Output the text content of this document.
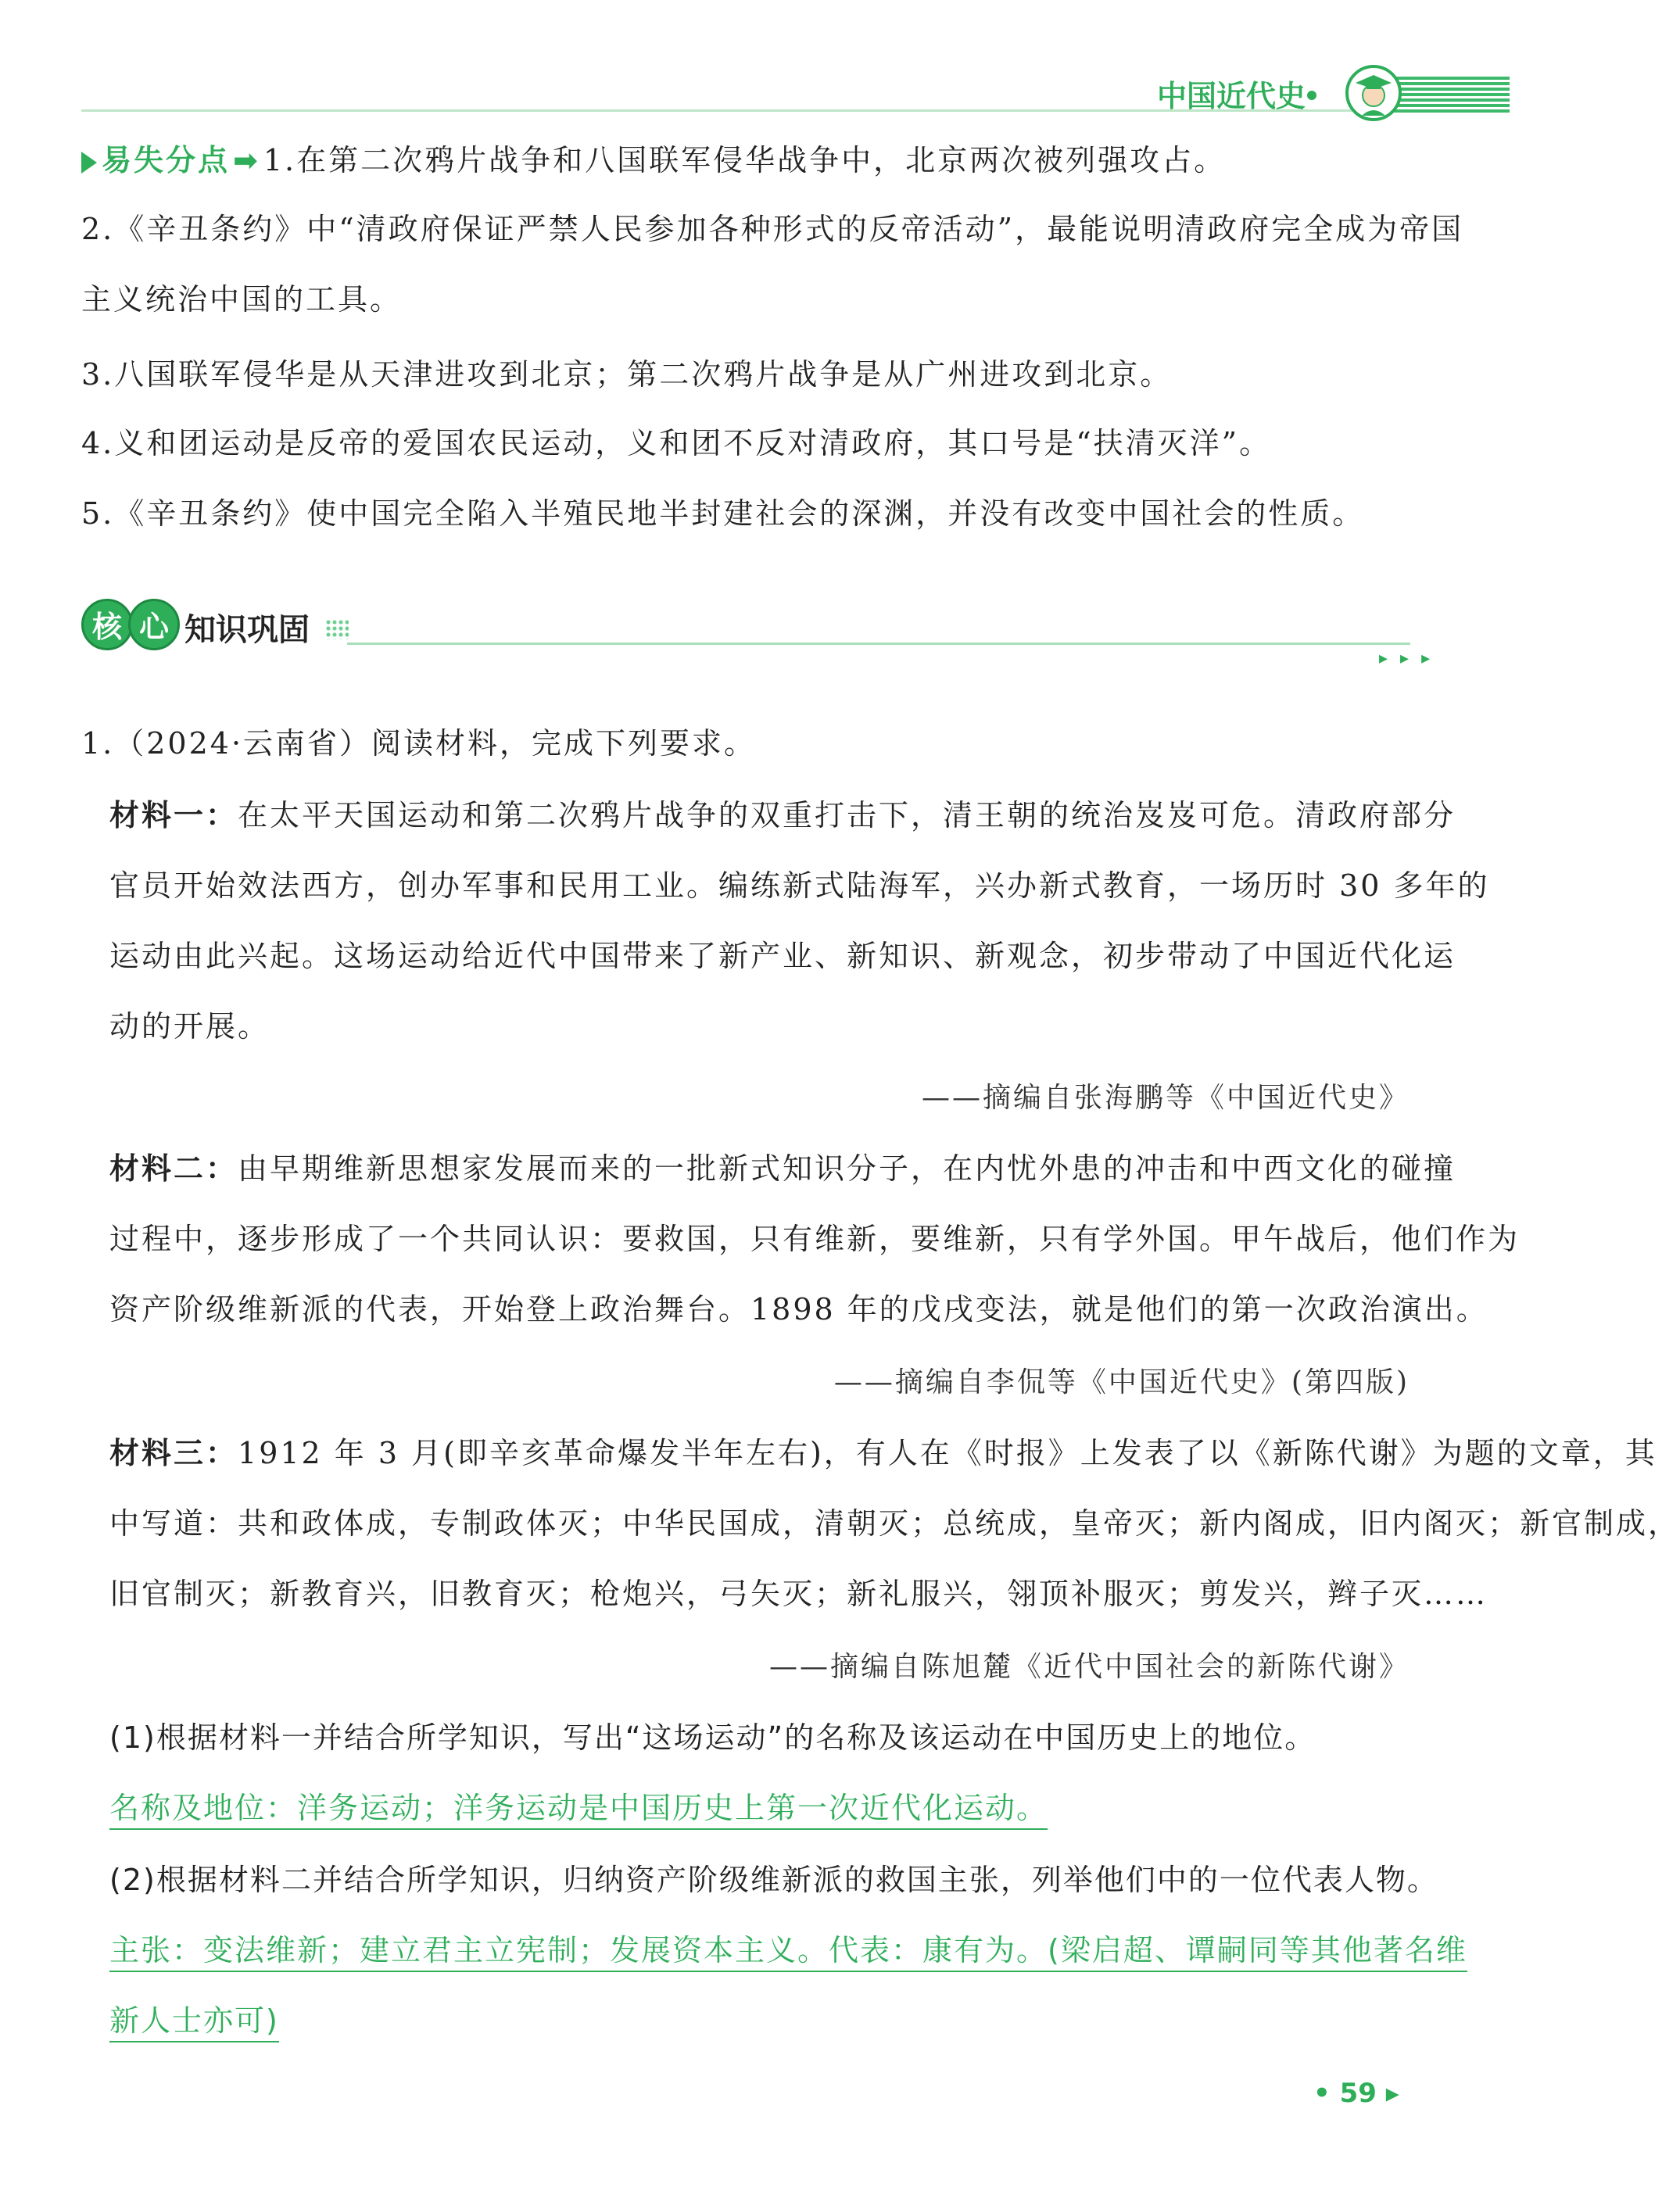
中国近代史
易失分点 ➡ 1.在第二次鸦片战争和八国联军侵华战争中，北京两次被列强攻占。
2.《辛丑条约》中“清政府保证严禁人民参加各种形式的反帝活动”，最能说明清政府完全成为帝国
主义统治中国的工具。
3.八国联军侵华是从天津进攻到北京；第二次鸦片战争是从广州进攻到北京。
4.义和团运动是反帝的爱国农民运动，义和团不反对清政府，其口号是“扶清灭洋”。
5.《辛丑条约》使中国完全陷入半殖民地半封建社会的深渊，并没有改变中国社会的性质。
核 心 知识巩固
▸▸▸
1.（2024·云南省）阅读材料，完成下列要求。
材料一：在太平天国运动和第二次鸦片战争的双重打击下，清王朝的统治岌岌可危。清政府部分
官员开始效法西方，创办军事和民用工业。编练新式陆海军，兴办新式教育，一场历时 30 多年的
运动由此兴起。这场运动给近代中国带来了新产业、新知识、新观念，初步带动了中国近代化运
动的开展。
——摘编自张海鹏等《中国近代史》
材料二：由早期维新思想家发展而来的一批新式知识分子，在内忧外患的冲击和中西文化的碰撞
过程中，逐步形成了一个共同认识：要救国，只有维新，要维新，只有学外国。甲午战后，他们作为
资产阶级维新派的代表，开始登上政治舞台。1898 年的戊戌变法，就是他们的第一次政治演出。
——摘编自李侃等《中国近代史》(第四版)
材料三：1912 年 3 月(即辛亥革命爆发半年左右)，有人在《时报》上发表了以《新陈代谢》为题的文章，其
中写道：共和政体成，专制政体灭；中华民国成，清朝灭；总统成，皇帝灭；新内阁成，旧内阁灭；新官制成，
旧官制灭；新教育兴，旧教育灭；枪炮兴，弓矢灭；新礼服兴，翎顶补服灭；剪发兴，辫子灭……
——摘编自陈旭麓《近代中国社会的新陈代谢》
(1)根据材料一并结合所学知识，写出“这场运动”的名称及该运动在中国历史上的地位。
名称及地位：洋务运动；洋务运动是中国历史上第一次近代化运动。
(2)根据材料二并结合所学知识，归纳资产阶级维新派的救国主张，列举他们中的一位代表人物。
主张：变法维新；建立君主立宪制；发展资本主义。代表：康有为。(梁启超、谭嗣同等其他著名维
新人士亦可)
• 59 ▸
